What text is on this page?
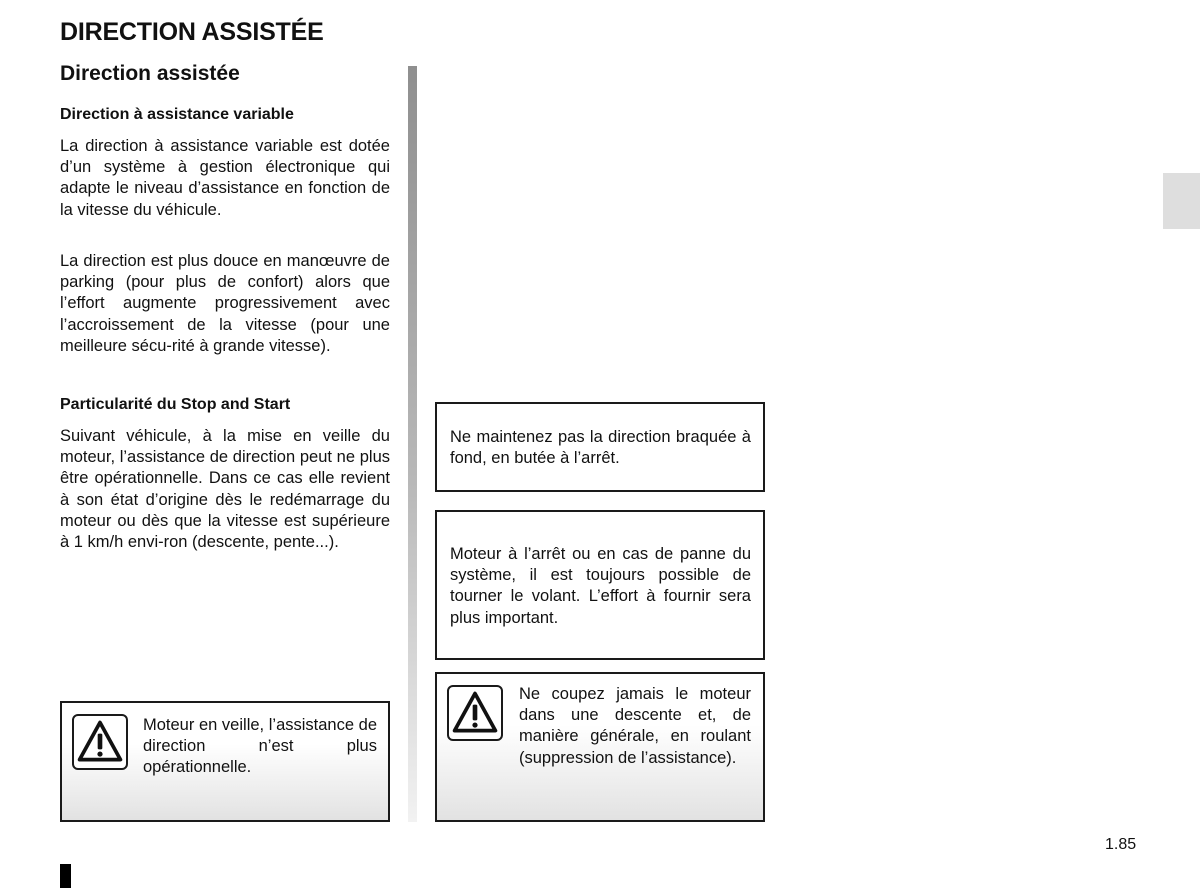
DIRECTION ASSISTÉE
Direction assistée
Direction à assistance variable
La direction à assistance variable est dotée d’un système à gestion électronique qui adapte le niveau d’assistance en fonction de la vitesse du véhicule.
La direction est plus douce en manœuvre de parking (pour plus de confort) alors que l’effort augmente progressivement avec l’accroissement de la vitesse (pour une meilleure sécu-rité à grande vitesse).
Particularité du Stop and Start
Suivant véhicule, à la mise en veille du moteur, l’assistance de direction peut ne plus être opérationnelle. Dans ce cas elle revient à son état d’origine dès le redémarrage du moteur ou dès que la vitesse est supérieure à 1 km/h envi-ron (descente, pente...).
Moteur en veille, l’assistance de direction n’est plus opérationnelle.
Ne maintenez pas la direction braquée à fond, en butée à l’arrêt.
Moteur à l’arrêt ou en cas de panne du système, il est toujours possible de tourner le volant. L’effort à fournir sera plus important.
Ne coupez jamais le moteur dans une descente et, de manière générale, en roulant (suppression de l’assistance).
1.85
